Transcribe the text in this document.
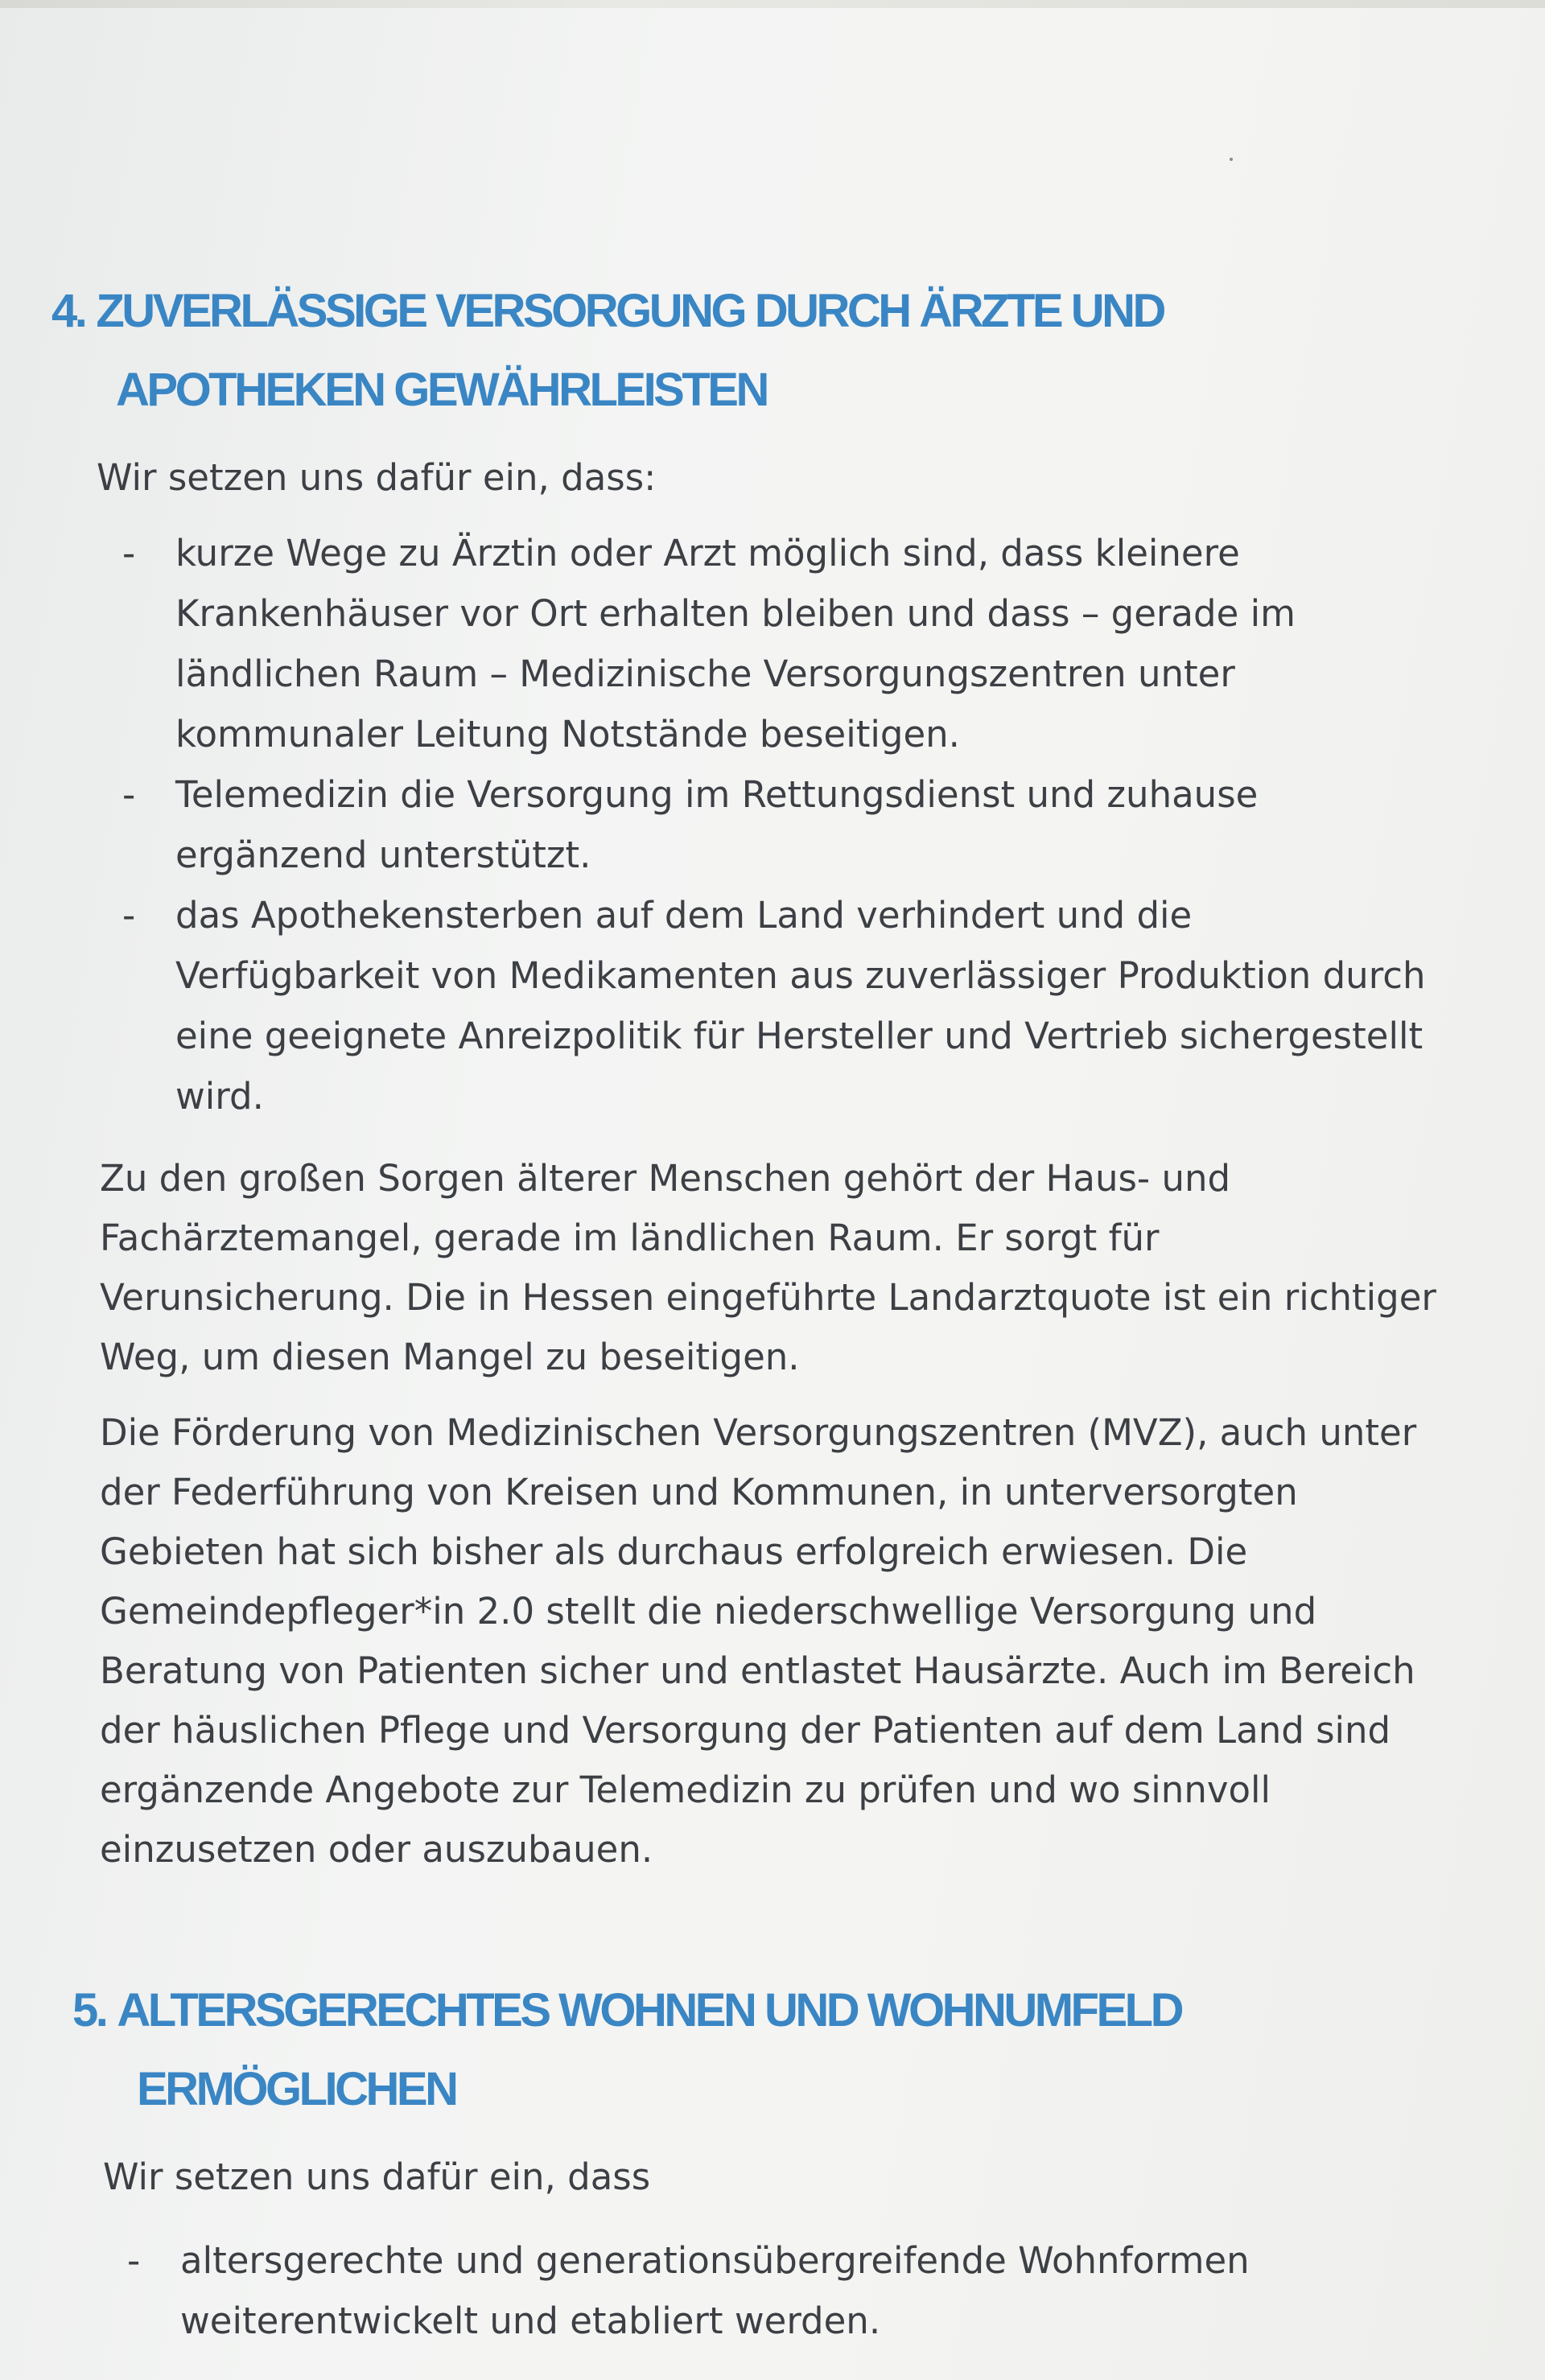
4. ZUVERLÄSSIGE VERSORGUNG DURCH ÄRZTE UND
APOTHEKEN GEWÄHRLEISTEN

Wir setzen uns dafür ein, dass:

- kurze Wege zu Ärztin oder Arzt möglich sind, dass kleinere Krankenhäuser vor Ort erhalten bleiben und dass – gerade im ländlichen Raum – Medizinische Versorgungszentren unter kommunaler Leitung Notstände beseitigen.
- Telemedizin die Versorgung im Rettungsdienst und zuhause ergänzend unterstützt.
- das Apothekensterben auf dem Land verhindert und die Verfügbarkeit von Medikamenten aus zuverlässiger Produktion durch eine geeignete Anreizpolitik für Hersteller und Vertrieb sichergestellt wird.

Zu den großen Sorgen älterer Menschen gehört der Haus- und Fachärztemangel, gerade im ländlichen Raum. Er sorgt für Verunsicherung. Die in Hessen eingeführte Landarztquote ist ein richtiger Weg, um diesen Mangel zu beseitigen.

Die Förderung von Medizinischen Versorgungszentren (MVZ), auch unter der Federführung von Kreisen und Kommunen, in unterversorgten Gebieten hat sich bisher als durchaus erfolgreich erwiesen. Die Gemeindepfleger*in 2.0 stellt die niederschwellige Versorgung und Beratung von Patienten sicher und entlastet Hausärzte. Auch im Bereich der häuslichen Pflege und Versorgung der Patienten auf dem Land sind ergänzende Angebote zur Telemedizin zu prüfen und wo sinnvoll einzusetzen oder auszubauen.

5. ALTERSGERECHTES WOHNEN UND WOHNUMFELD
ERMÖGLICHEN

Wir setzen uns dafür ein, dass

- altersgerechte und generationsübergreifende Wohnformen weiterentwickelt und etabliert werden.
